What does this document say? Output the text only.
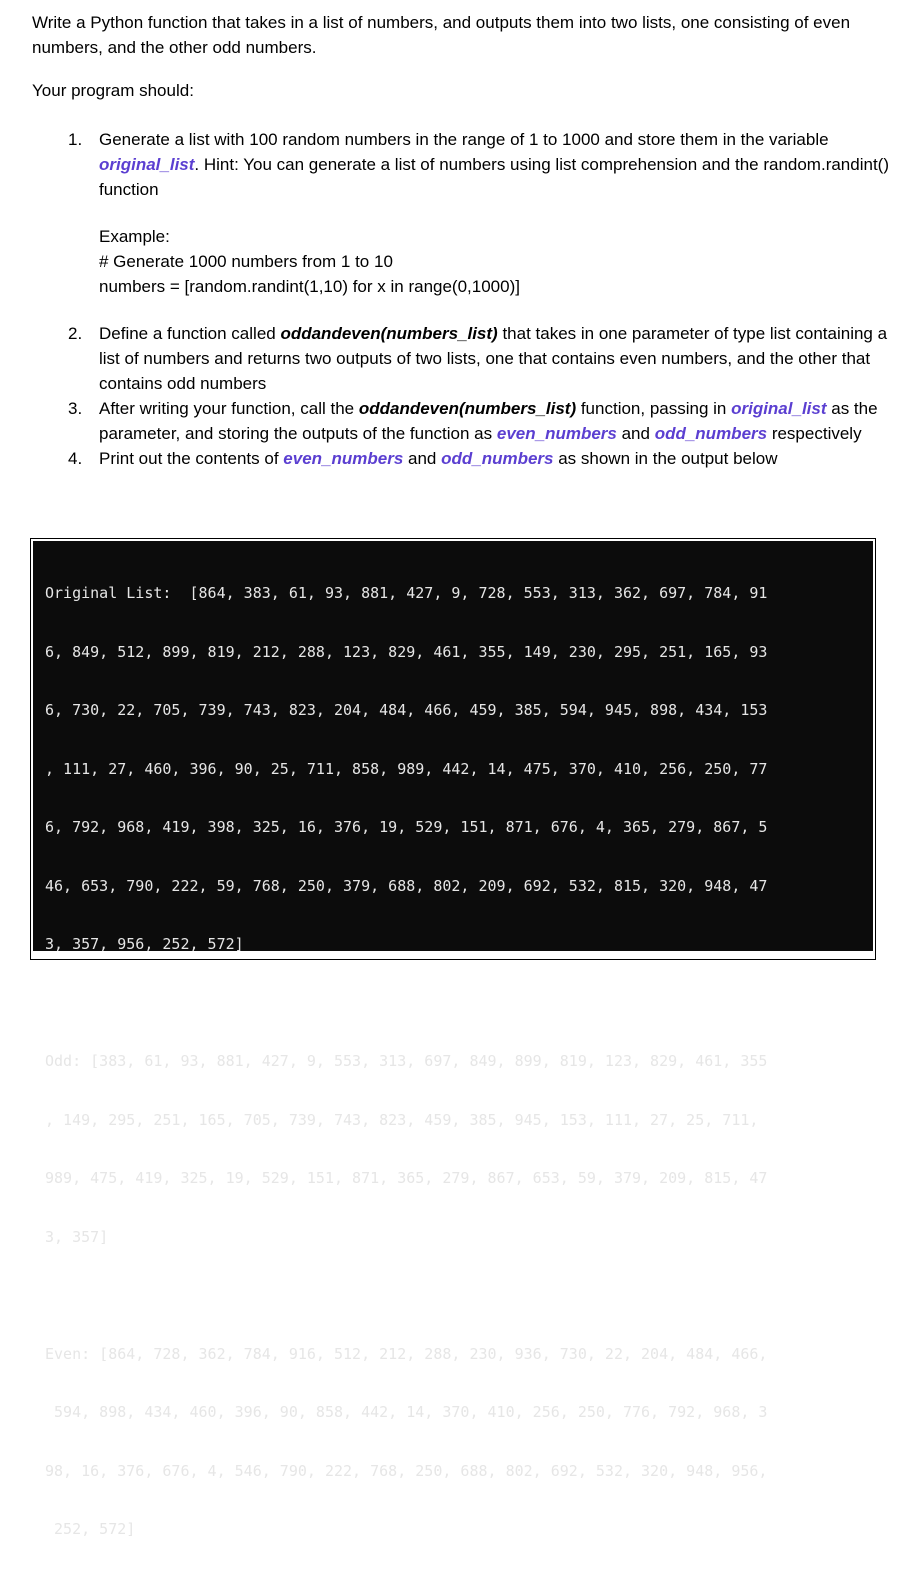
Write a Python function that takes in a list of numbers, and outputs them into two lists, one consisting of even numbers, and the other odd numbers.

Your program should:

1. Generate a list with 100 random numbers in the range of 1 to 1000 and store them in the variable original_list. Hint: You can generate a list of numbers using list comprehension and the random.randint() function
Example:
# Generate 1000 numbers from 1 to 10
numbers = [random.randint(1,10) for x in range(0,1000)]
2. Define a function called oddandeven(numbers_list) that takes in one parameter of type list containing a list of numbers and returns two outputs of two lists, one that contains even numbers, and the other that contains odd numbers
3. After writing your function, call the oddandeven(numbers_list) function, passing in original_list as the parameter, and storing the outputs of the function as even_numbers and odd_numbers respectively
4. Print out the contents of even_numbers and odd_numbers as shown in the output below

Original List:  [864, 383, 61, 93, 881, 427, 9, 728, 553, 313, 362, 697, 784, 91

6, 849, 512, 899, 819, 212, 288, 123, 829, 461, 355, 149, 230, 295, 251, 165, 93

6, 730, 22, 705, 739, 743, 823, 204, 484, 466, 459, 385, 594, 945, 898, 434, 153

, 111, 27, 460, 396, 90, 25, 711, 858, 989, 442, 14, 475, 370, 410, 256, 250, 77

6, 792, 968, 419, 398, 325, 16, 376, 19, 529, 151, 871, 676, 4, 365, 279, 867, 5

46, 653, 790, 222, 59, 768, 250, 379, 688, 802, 209, 692, 532, 815, 320, 948, 47

3, 357, 956, 252, 572]

Odd: [383, 61, 93, 881, 427, 9, 553, 313, 697, 849, 899, 819, 123, 829, 461, 355

, 149, 295, 251, 165, 705, 739, 743, 823, 459, 385, 945, 153, 111, 27, 25, 711,

989, 475, 419, 325, 19, 529, 151, 871, 365, 279, 867, 653, 59, 379, 209, 815, 47

3, 357]

Even: [864, 728, 362, 784, 916, 512, 212, 288, 230, 936, 730, 22, 204, 484, 466,

594, 898, 434, 460, 396, 90, 858, 442, 14, 370, 410, 256, 250, 776, 792, 968, 3

98, 16, 376, 676, 4, 546, 790, 222, 768, 250, 688, 802, 692, 532, 320, 948, 956,

252, 572]
